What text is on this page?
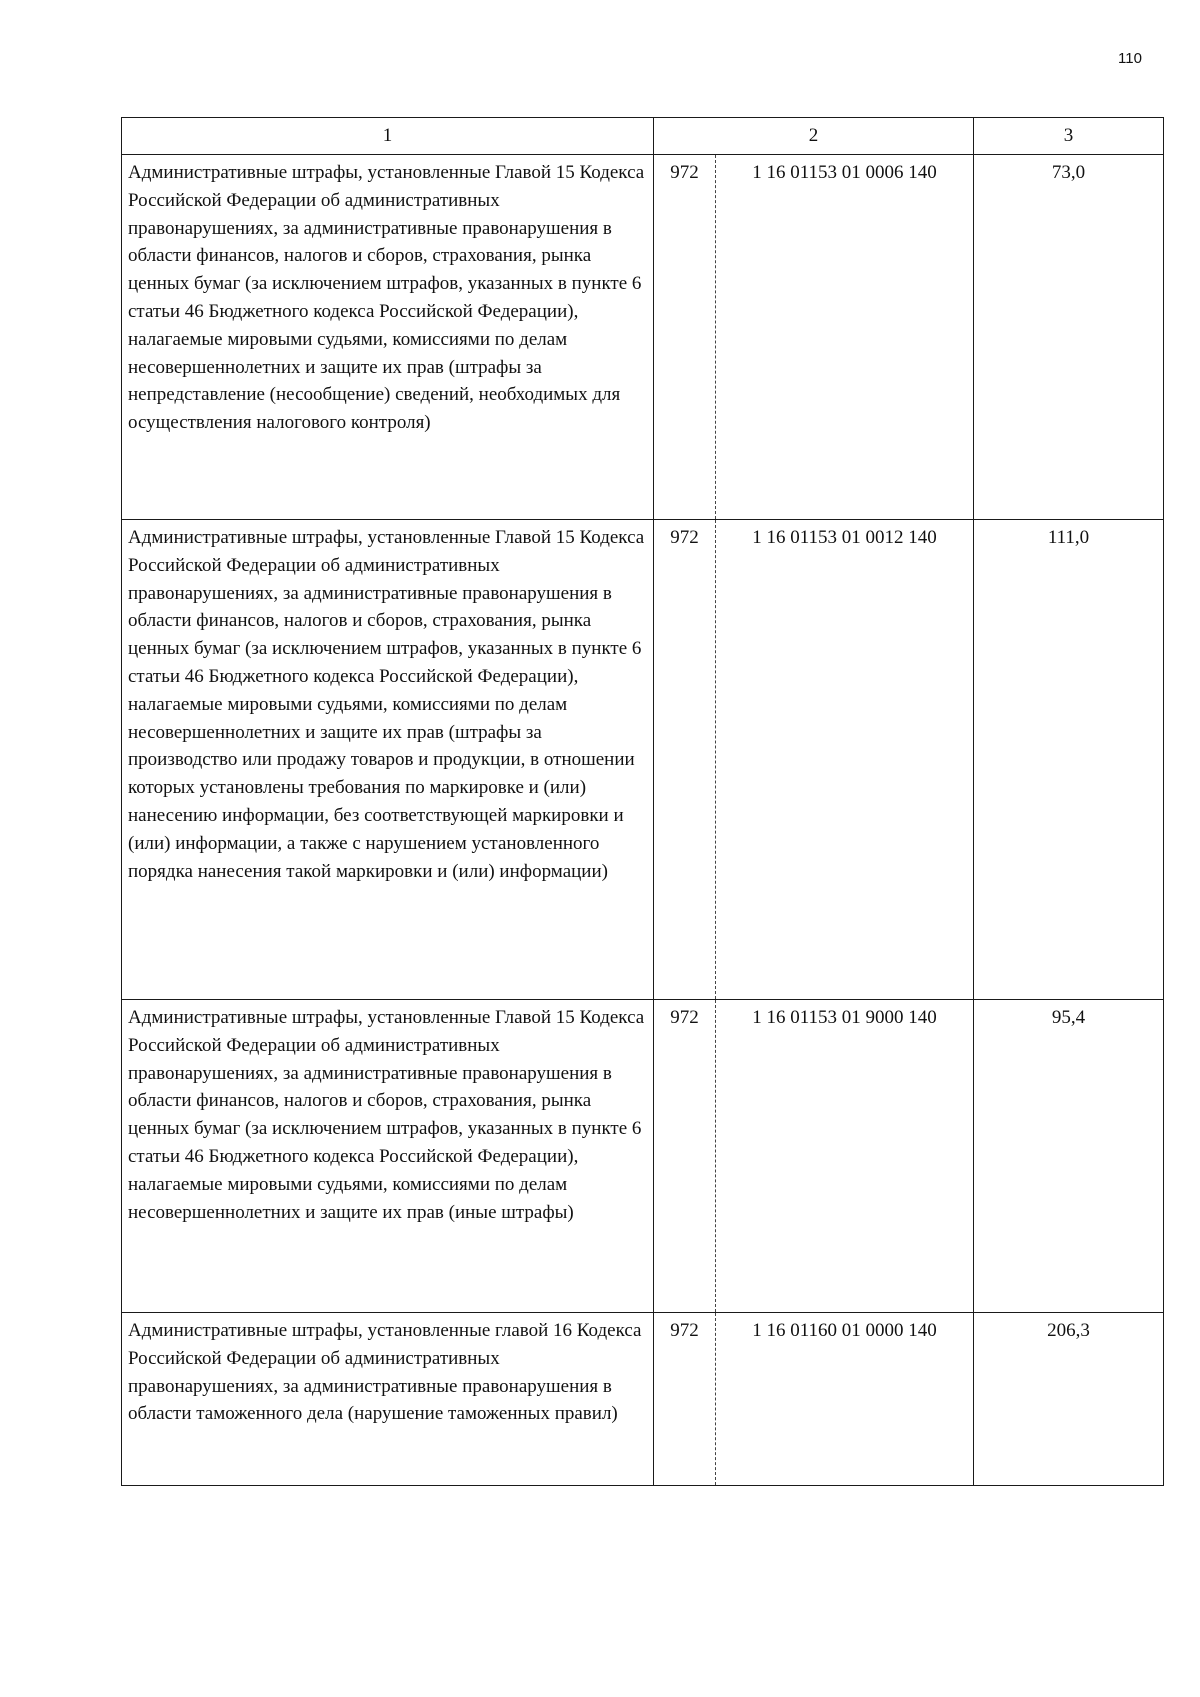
110
1	2		3
Административные штрафы, установленные Главой 15 Кодекса Российской Федерации об административных правонарушениях, за административные правонарушения в области финансов, налогов и сборов, страхования, рынка ценных бумаг (за исключением штрафов, указанных в пункте 6 статьи 46 Бюджетного кодекса Российской Федерации), налагаемые мировыми судьями, комиссиями по делам несовершеннолетних и защите их прав (штрафы за непредставление (несообщение) сведений, необходимых для осуществления налогового контроля)	972	1 16 01153 01 0006 140	73,0
Административные штрафы, установленные Главой 15 Кодекса Российской Федерации об административных правонарушениях, за административные правонарушения в области финансов, налогов и сборов, страхования, рынка ценных бумаг (за исключением штрафов, указанных в пункте 6 статьи 46 Бюджетного кодекса Российской Федерации), налагаемые мировыми судьями, комиссиями по делам несовершеннолетних и защите их прав (штрафы за производство или продажу товаров и продукции, в отношении которых установлены требования по маркировке и (или) нанесению информации, без соответствующей маркировки и (или) информации, а также с нарушением установленного порядка нанесения такой маркировки и (или) информации)	972	1 16 01153 01 0012 140	111,0
Административные штрафы, установленные Главой 15 Кодекса Российской Федерации об административных правонарушениях, за административные правонарушения в области финансов, налогов и сборов, страхования, рынка ценных бумаг (за исключением штрафов, указанных в пункте 6 статьи 46 Бюджетного кодекса Российской Федерации), налагаемые мировыми судьями, комиссиями по делам несовершеннолетних и защите их прав (иные штрафы)	972	1 16 01153 01 9000 140	95,4
Административные штрафы, установленные главой 16 Кодекса Российской Федерации об административных правонарушениях, за административные правонарушения в области таможенного дела (нарушение таможенных правил)	972	1 16 01160 01 0000 140	206,3
